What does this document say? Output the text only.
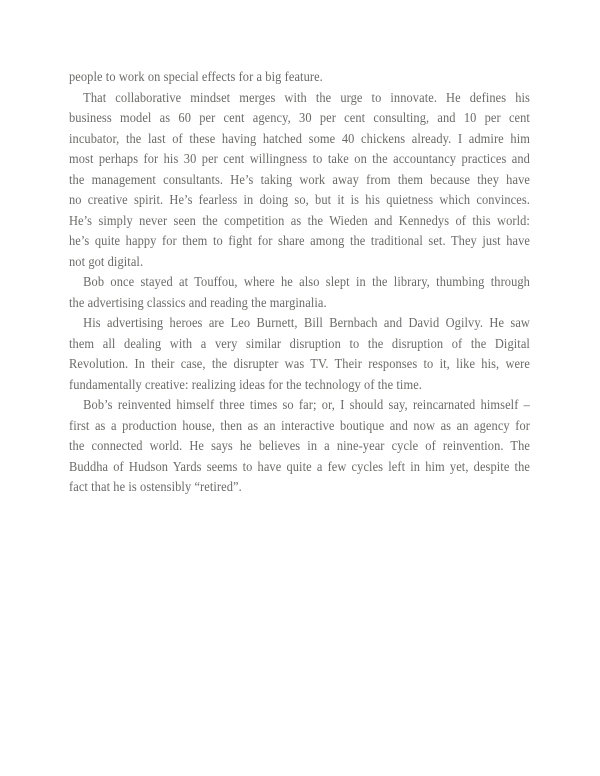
people to work on special effects for a big feature.
That collaborative mindset merges with the urge to innovate. He defines his
business model as 60 per cent agency, 30 per cent consulting, and 10 per cent
incubator, the last of these having hatched some 40 chickens already. I admire him
most perhaps for his 30 per cent willingness to take on the accountancy practices and
the management consultants. He’s taking work away from them because they have
no creative spirit. He’s fearless in doing so, but it is his quietness which convinces.
He’s simply never seen the competition as the Wieden and Kennedys of this world:
he’s quite happy for them to fight for share among the traditional set. They just have
not got digital.
Bob once stayed at Touffou, where he also slept in the library, thumbing through
the advertising classics and reading the marginalia.
His advertising heroes are Leo Burnett, Bill Bernbach and David Ogilvy. He saw
them all dealing with a very similar disruption to the disruption of the Digital
Revolution. In their case, the disrupter was TV. Their responses to it, like his, were
fundamentally creative: realizing ideas for the technology of the time.
Bob’s reinvented himself three times so far; or, I should say, reincarnated himself –
first as a production house, then as an interactive boutique and now as an agency for
the connected world. He says he believes in a nine-year cycle of reinvention. The
Buddha of Hudson Yards seems to have quite a few cycles left in him yet, despite the
fact that he is ostensibly “retired”.
